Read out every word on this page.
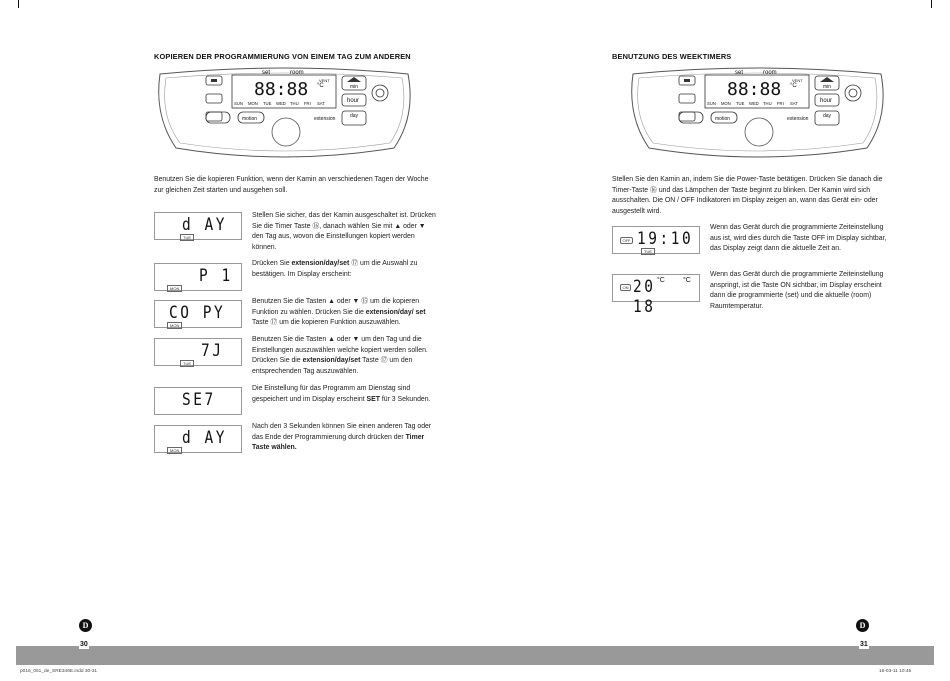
KOPIEREN DER PROGRAMMIERUNG VON EINEM TAG ZUM ANDEREN
set	room
88:88 °C
VENT
min
hour
day
motion	extension
SUN MON TUE WED THU FRI SAT
Benutzen Sie die kopieren Funktion, wenn der Kamin an verschiedenen Tagen der Woche zur gleichen Zeit starten und ausgehen soll.
d AY
TUE
Stellen Sie sicher, das der Kamin ausgeschaltet ist. Drücken Sie die Timer Taste ⑯, danach wählen Sie mit ▲ oder ▼ den Tag aus, wovon die Einstellungen kopiert werden können.
P 1
MON
Drücken Sie extension/day/set ⑰ um die Auswahl zu bestätigen. Im Display erscheint:
CO PY
MON
Benutzen Sie die Tasten ▲ oder ▼ ⑮ um die kopieren Funktion zu wählen. Drücken Sie die extension/day/ set Taste ⑰ um die kopieren Funktion auszuwählen.
7J
TUE
Benutzen Sie die Tasten ▲ oder ▼ um den Tag und die Einstellungen auszuwählen welche kopiert werden sollen. Drücken Sie die extension/day/set Taste ⑰ um den entsprechenden Tag auszuwählen.
SE7
Die Einstellung für das Programm am Dienstag sind gespeichert und im Display erscheint SET für 3 Sekunden.
d AY
MON
Nach den 3 Sekunden können Sie einen anderen Tag oder das Ende der Programmierung durch drücken der Timer Taste wählen.
D
30
p016_051_de_SRE346E.indd 30-31
BENUTZUNG DES WEEKTIMERS
set	room
88:88 °C
VENT
min
hour
day
motion	extension
SUN MON TUE WED THU FRI SAT
Stellen Sie den Kamin an, indem Sie die Power-Taste betätigen. Drücken Sie danach die Timer-Taste ⑯ und das Lämpchen der Taste beginnt zu blinken. Der Kamin wird sich ausschalten. Die ON / OFF Indikatoren im Display zeigen an, wann das Gerät ein- oder ausgestellt wird.
OFF 19:10
TUE
Wenn das Gerät durch die programmierte Zeiteinstellung aus ist, wird dies durch die Taste OFF im Display sichtbar, das Display zeigt dann die aktuelle Zeit an.
ON 20 18
°C	°C
Wenn das Gerät durch die programmierte Zeiteinstellung anspringt, ist die Taste ON sichtbar, im Display erscheint dann die programmierte (set) und die aktuelle (room) Raumtemperatur.
D
31
16-03-11 10:45
